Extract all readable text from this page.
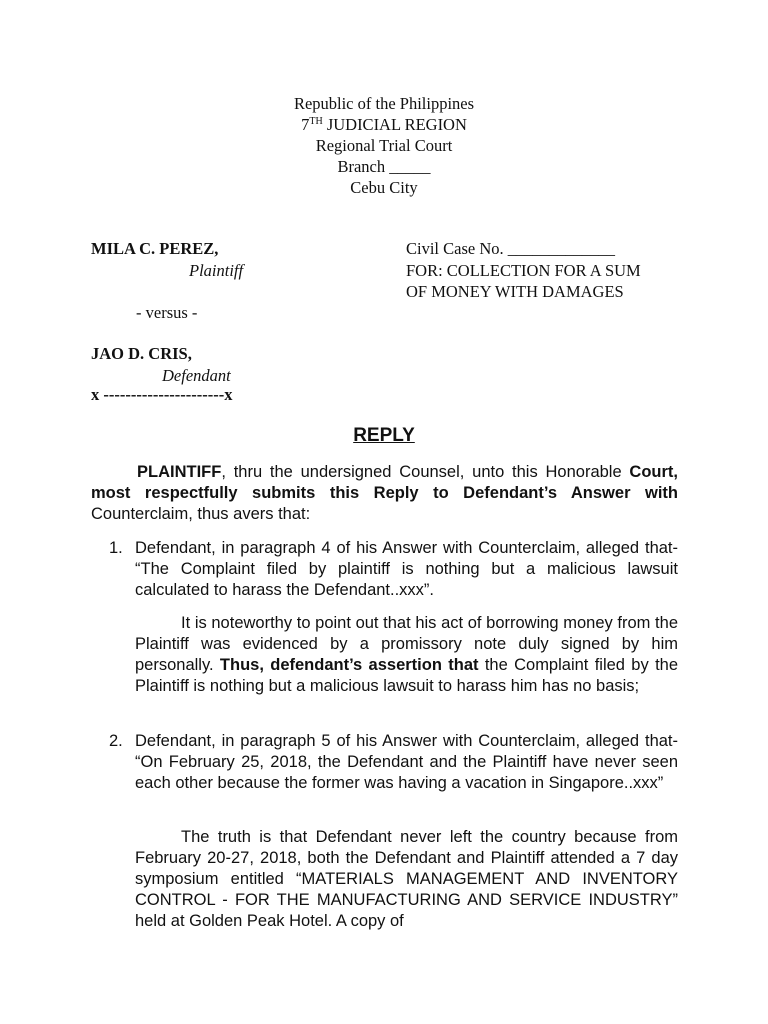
Republic of the Philippines
7TH JUDICIAL REGION
Regional Trial Court
Branch _____
Cebu City
MILA C. PEREZ,
Plaintiff
Civil Case No. _____________
FOR: COLLECTION FOR A SUM
OF MONEY WITH DAMAGES
- versus -
JAO D. CRIS,
Defendant
x ----------------------x
REPLY
PLAINTIFF, thru the undersigned Counsel, unto this Honorable Court, most respectfully submits this Reply to Defendant’s Answer with Counterclaim, thus avers that:
1. Defendant, in paragraph 4 of his Answer with Counterclaim, alleged that- “The Complaint filed by plaintiff is nothing but a malicious lawsuit calculated to harass the Defendant..xxx”.
It is noteworthy to point out that his act of borrowing money from the Plaintiff was evidenced by a promissory note duly signed by him personally. Thus, defendant’s assertion that the Complaint filed by the Plaintiff is nothing but a malicious lawsuit to harass him has no basis;
2. Defendant, in paragraph 5 of his Answer with Counterclaim, alleged that- “On February 25, 2018, the Defendant and the Plaintiff have never seen each other because the former was having a vacation in Singapore..xxx”
The truth is that Defendant never left the country because from February 20-27, 2018, both the Defendant and Plaintiff attended a 7 day symposium entitled “MATERIALS MANAGEMENT AND INVENTORY CONTROL - FOR THE MANUFACTURING AND SERVICE INDUSTRY” held at Golden Peak Hotel. A copy of
